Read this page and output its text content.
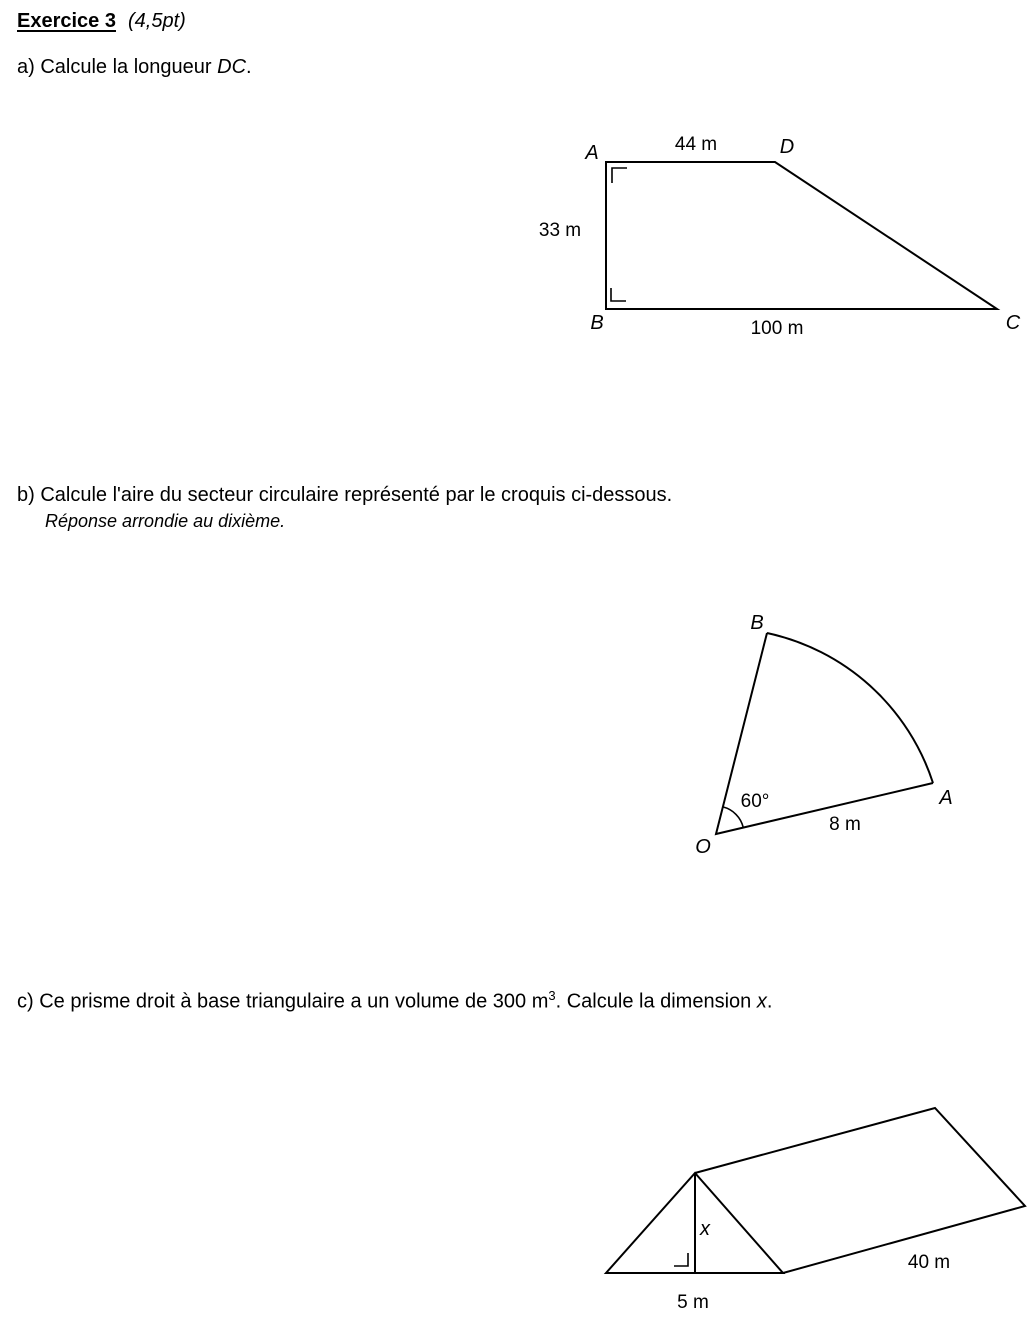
Exercice 3 (4,5pt)

a) Calcule la longueur DC.

A	D
B	C
44 m
33 m
100 m

b) Calcule l'aire du secteur circulaire représenté par le croquis ci-dessous.

Réponse arrondie au dixième.

O
B
A
60°
8 m

c) Ce prisme droit à base triangulaire a un volume de 300 $m^3$. Calcule la dimension x.

x
5 m
40 m
